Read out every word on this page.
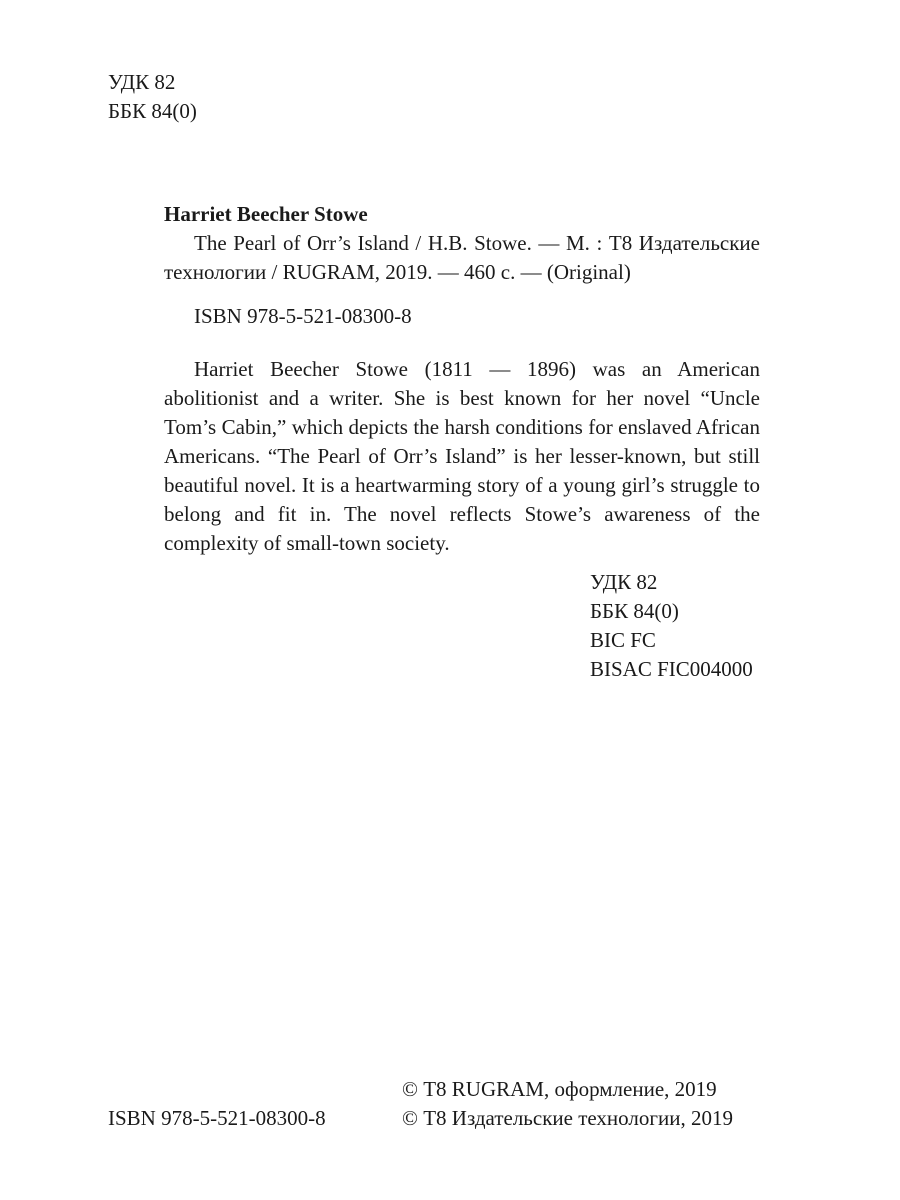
УДК 82
ББК 84(0)
Harriet Beecher Stowe
The Pearl of Orr’s Island / H.B. Stowe. — М. : Т8 Издательские технологии / RUGRAM, 2019. — 460 с. — (Original)
ISBN 978-5-521-08300-8

Harriet Beecher Stowe (1811 — 1896) was an American abolitionist and a writer. She is best known for her novel “Uncle Tom’s Cabin,” which depicts the harsh conditions for enslaved African Americans. “The Pearl of Orr’s Island” is her lesser-known, but still beautiful novel. It is a heartwarming story of a young girl’s struggle to belong and fit in. The novel reflects Stowe’s awareness of the complexity of small-town society.

УДК 82
ББК 84(0)
BIC FC
BISAC FIC004000
© Т8 RUGRAM, оформление, 2019
© Т8 Издательские технологии, 2019
ISBN 978-5-521-08300-8
